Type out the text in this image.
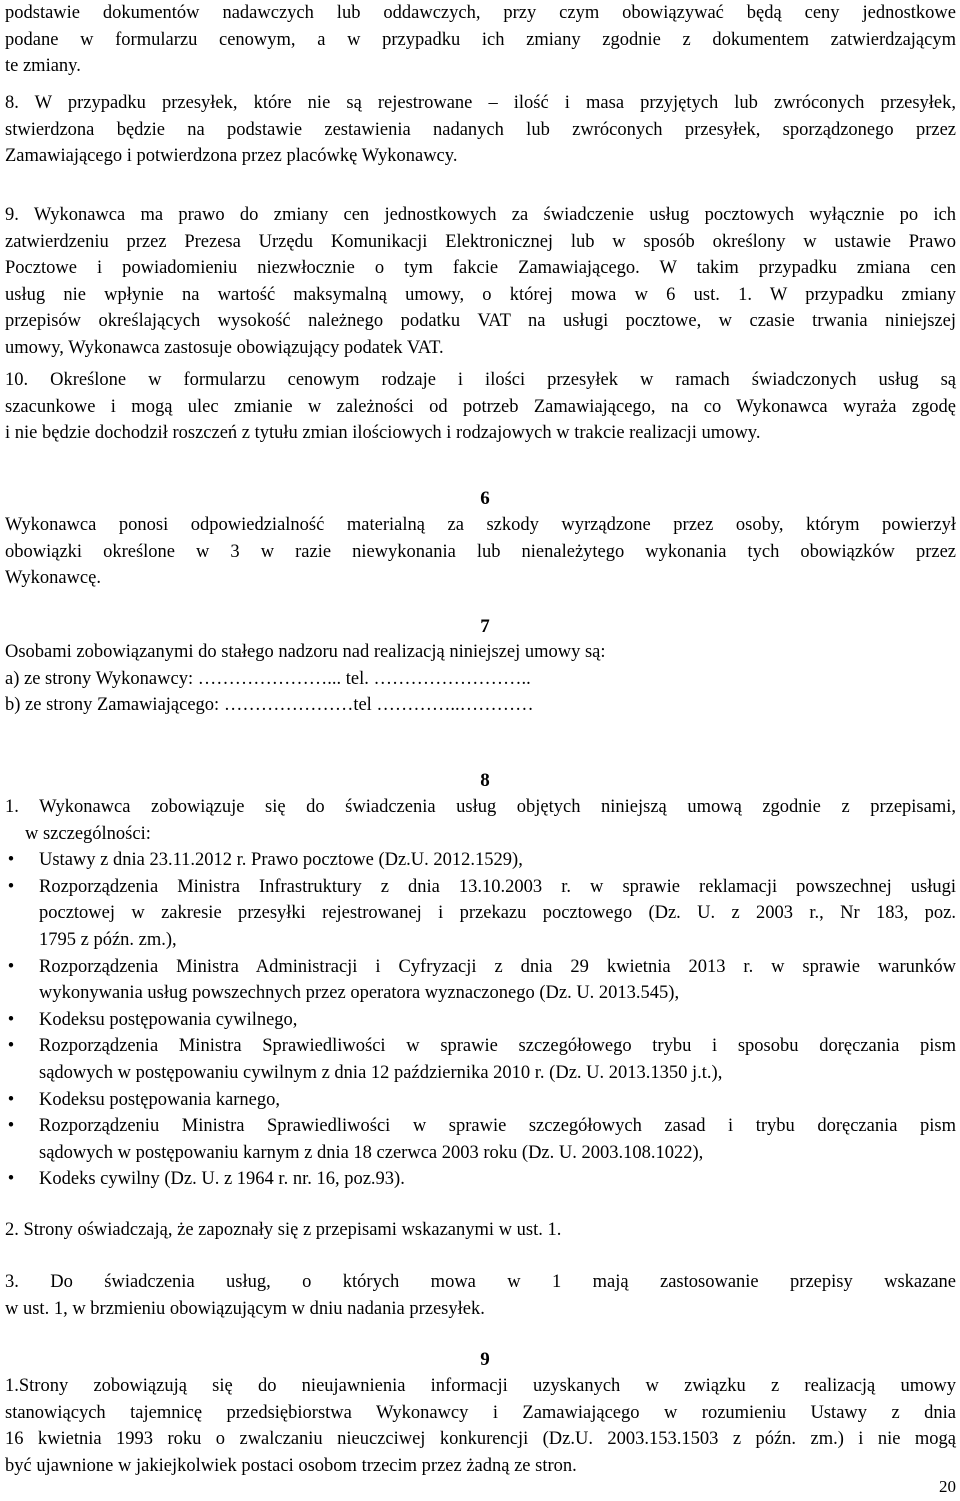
podstawie dokumentów nadawczych lub oddawczych, przy czym obowiązywać będą ceny jednostkowe

podane w formularzu cenowym, a w przypadku ich zmiany zgodnie z dokumentem zatwierdzającym

te zmiany.

8. W przypadku przesyłek, które nie są rejestrowane – ilość i masa przyjętych lub zwróconych przesyłek,

stwierdzona będzie na podstawie zestawienia nadanych lub zwróconych przesyłek, sporządzonego przez

Zamawiającego i potwierdzona przez placówkę Wykonawcy.

9. Wykonawca ma prawo do zmiany cen jednostkowych za świadczenie usług pocztowych wyłącznie po ich

zatwierdzeniu przez Prezesa Urzędu Komunikacji Elektronicznej lub w sposób określony w ustawie Prawo

Pocztowe i powiadomieniu niezwłocznie o tym fakcie Zamawiającego. W takim przypadku zmiana cen

usług nie wpłynie na wartość maksymalną umowy, o której mowa w 6 ust. 1. W przypadku zmiany

przepisów określających wysokość należnego podatku VAT na usługi pocztowe, w czasie trwania niniejszej

umowy, Wykonawca zastosuje obowiązujący podatek VAT.

10. Określone w formularzu cenowym rodzaje i ilości przesyłek w ramach świadczonych usług są

szacunkowe i mogą ulec zmianie w zależności od potrzeb Zamawiającego, na co Wykonawca wyraża zgodę

i nie będzie dochodził roszczeń z tytułu zmian ilościowych i rodzajowych w trakcie realizacji umowy.

6

Wykonawca ponosi odpowiedzialność materialną za szkody wyrządzone przez osoby, którym powierzył

obowiązki określone w 3 w razie niewykonania lub nienależytego wykonania tych obowiązków przez

Wykonawcę.

7

Osobami zobowiązanymi do stałego nadzoru nad realizacją niniejszej umowy są:

a) ze strony Wykonawcy: …………………... tel. ……………………..

b) ze strony Zamawiającego: …………………tel …………..…………

8

1. Wykonawca zobowiązuje się do świadczenia usług objętych niniejszą umową zgodnie z przepisami,

w szczególności:

• Ustawy z dnia 23.11.2012 r. Prawo pocztowe (Dz.U. 2012.1529),
• Rozporządzenia Ministra Infrastruktury z dnia 13.10.2003 r. w sprawie reklamacji powszechnej usługi
pocztowej w zakresie przesyłki rejestrowanej i przekazu pocztowego (Dz. U. z 2003 r., Nr 183, poz.
1795 z późn. zm.),
• Rozporządzenia Ministra Administracji i Cyfryzacji z dnia 29 kwietnia 2013 r. w sprawie warunków
wykonywania usług powszechnych przez operatora wyznaczonego (Dz. U. 2013.545),
• Kodeksu postępowania cywilnego,
• Rozporządzenia Ministra Sprawiedliwości w sprawie szczegółowego trybu i sposobu doręczania pism
sądowych w postępowaniu cywilnym z dnia 12 października 2010 r. (Dz. U. 2013.1350 j.t.),
• Kodeksu postępowania karnego,
• Rozporządzeniu Ministra Sprawiedliwości w sprawie szczegółowych zasad i trybu doręczania pism
sądowych w postępowaniu karnym z dnia 18 czerwca 2003 roku (Dz. U. 2003.108.1022),
• Kodeks cywilny (Dz. U. z 1964 r. nr. 16, poz.93).

2. Strony oświadczają, że zapoznały się z przepisami wskazanymi w ust. 1.

3. Do świadczenia usług, o których mowa w 1 mają zastosowanie przepisy wskazane

w ust. 1, w brzmieniu obowiązującym w dniu nadania przesyłek.

9

1.Strony zobowiązują się do nieujawnienia informacji uzyskanych w związku z realizacją umowy

stanowiących tajemnicę przedsiębiorstwa Wykonawcy i Zamawiającego w rozumieniu Ustawy z dnia

16 kwietnia 1993 roku o zwalczaniu nieuczciwej konkurencji (Dz.U. 2003.153.1503 z późn. zm.) i nie mogą

być ujawnione w jakiejkolwiek postaci osobom trzecim przez żadną ze stron.

20
